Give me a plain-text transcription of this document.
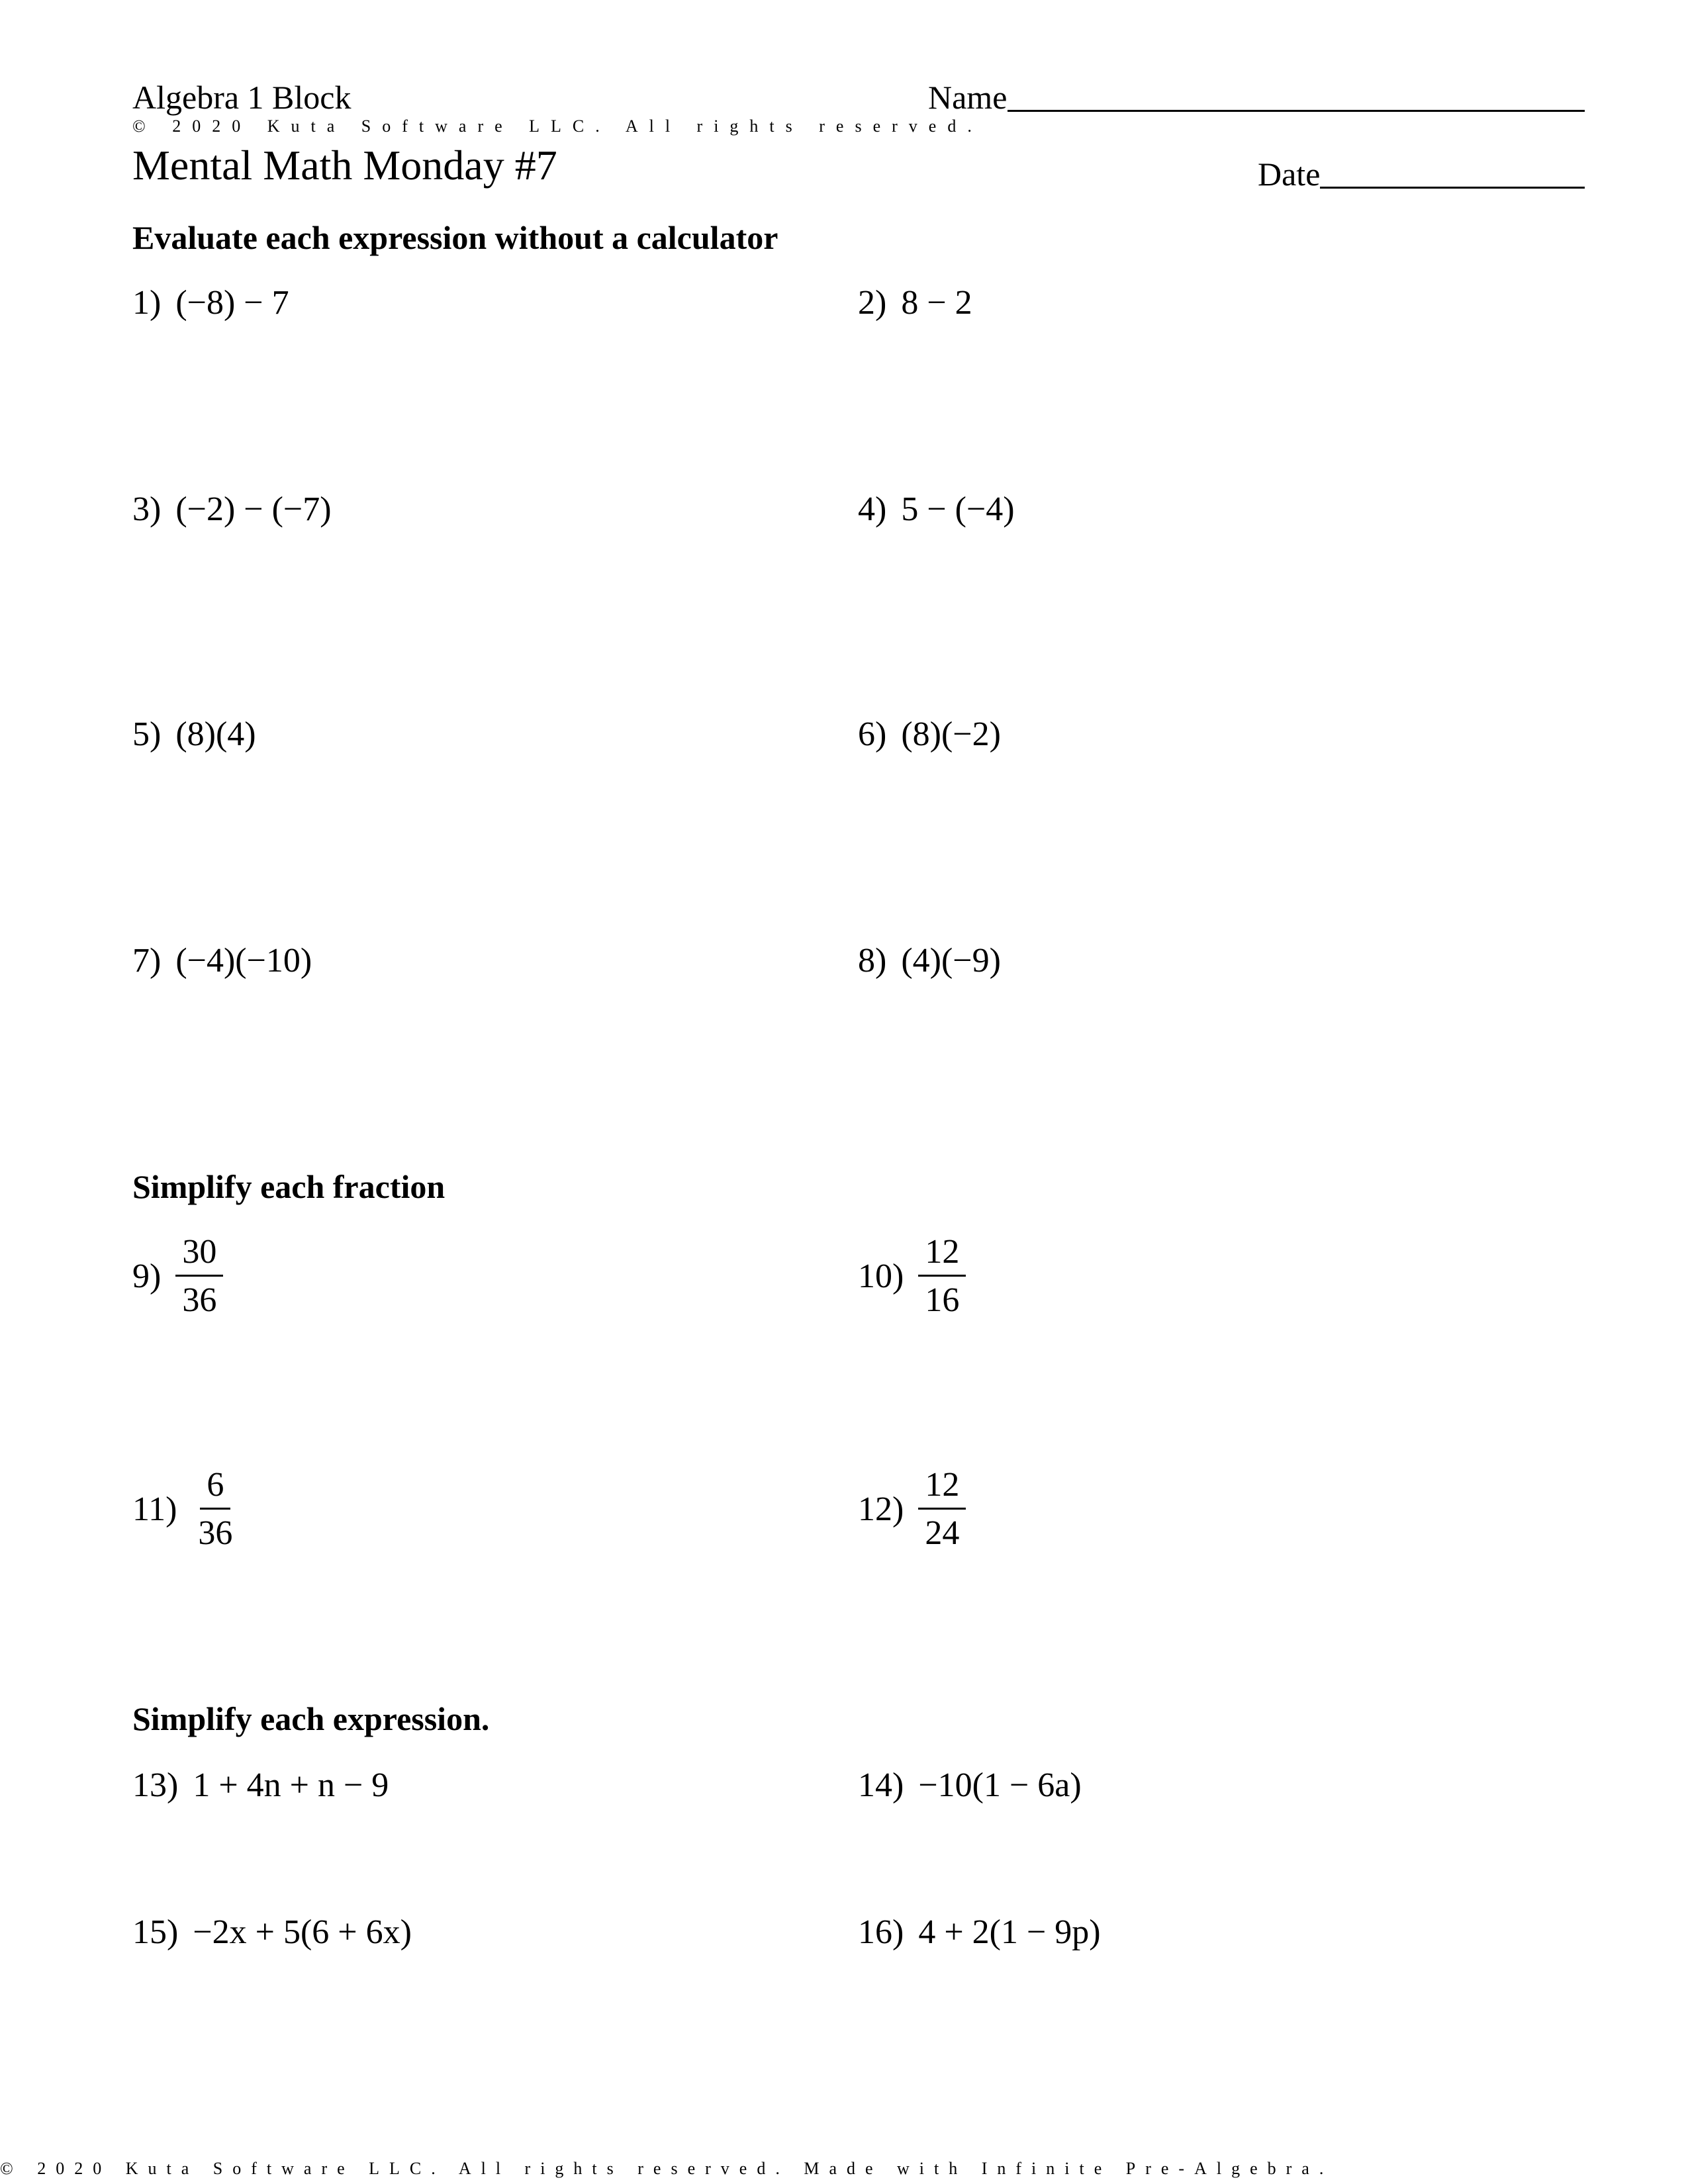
Algebra 1 Block	Name
© 2020 Kuta Software LLC. All rights reserved.
Mental Math Monday #7	Date
Evaluate each expression without a calculator
1) (−8) − 7	2) 8 − 2
3) (−2) − (−7)	4) 5 − (−4)
5) (8)(4)	6) (8)(−2)
7) (−4)(−10)	8) (4)(−9)
Simplify each fraction
$9) \frac{30}{36}$	$10) \frac{12}{16}$
$11) \frac{6}{36}$	$12) \frac{12}{24}$
Simplify each expression.
13) 1 + 4n + n − 9	14) −10(1 − 6a)
15) −2x + 5(6 + 6x)	16) 4 + 2(1 − 9p)
© 2020 Kuta Software LLC. All rights reserved. Made with Infinite Pre-Algebra.
